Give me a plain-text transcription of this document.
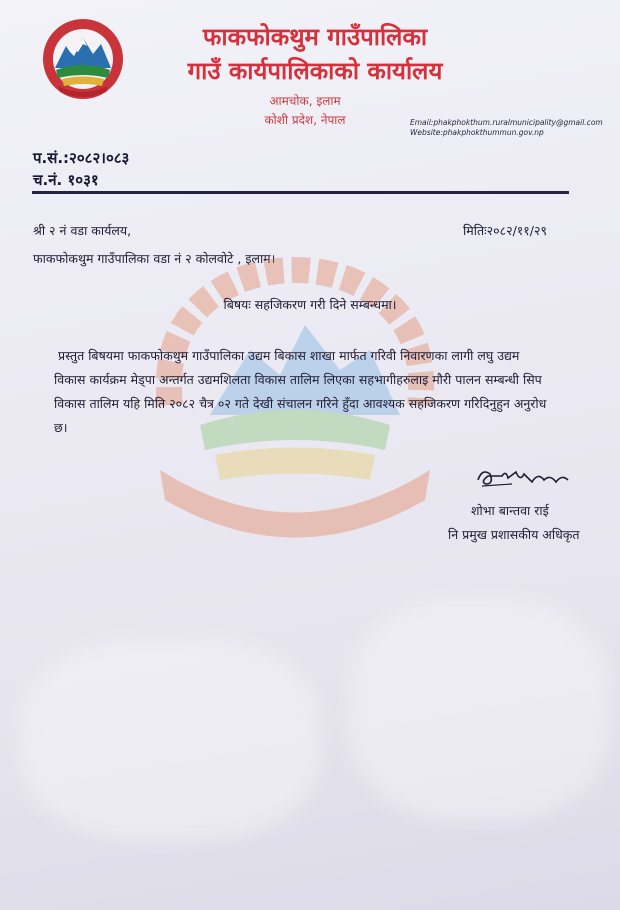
फाकफोकथुम गाउँपालिका
गाउँ कार्यपालिकाको कार्यालय
आमचोक, इलाम
कोशी प्रदेश, नेपाल	Email:phakphokthum.ruralmunicipality@gmail.com
Website:phakphokthummun.gov.np
प.सं.:२०८२।०८३
च.नं. १०३१
श्री २ नं वडा कार्यलय,
फाकफोकथुम गाउँपालिका वडा नं २ कोलवोटे , इलाम।
मितिः२०८२/११/२९
बिषयः सहजिकरण गरी दिने सम्बन्धमा।
प्रस्तुत बिषयमा फाकफोकथुम गाउँपालिका उद्यम बिकास शाखा मार्फत गरिवी निवारणका लागी लघु उद्यम
विकास कार्यक्रम मेड्पा अन्तर्गत उद्यमशिलता विकास तालिम लिएका सहभागीहरुलाइ मौरी पालन सम्बन्धी सिप
विकास तालिम यहि मिति २०८२ चैत्र ०२ गते देखी संचालन गरिने हुँदा आवश्यक सहजिकरण गरिदिनुहुन अनुरोध
छ।
शोभा बान्तवा राई
नि प्रमुख प्रशासकीय अधिकृत
